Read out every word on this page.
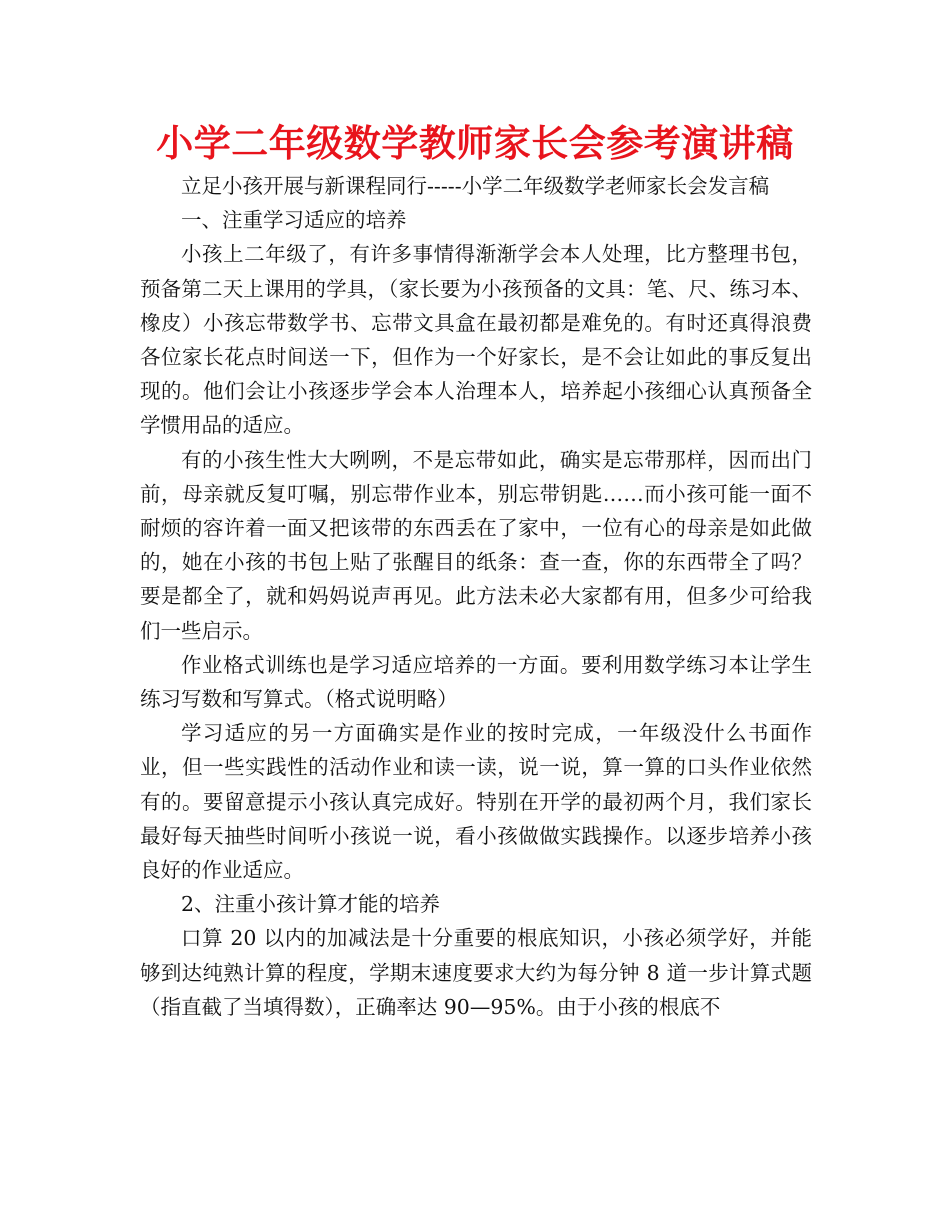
小学二年级数学教师家长会参考演讲稿

立足小孩开展与新课程同行-----小学二年级数学老师家长会发言稿

一、注重学习适应的培养

小孩上二年级了，有许多事情得渐渐学会本人处理，比方整理书包，预备第二天上课用的学具，（家长要为小孩预备的文具：笔、尺、练习本、橡皮）小孩忘带数学书、忘带文具盒在最初都是难免的。有时还真得浪费各位家长花点时间送一下，但作为一个好家长，是不会让如此的事反复出现的。他们会让小孩逐步学会本人治理本人，培养起小孩细心认真预备全学惯用品的适应。

有的小孩生性大大咧咧，不是忘带如此，确实是忘带那样，因而出门前，母亲就反复叮嘱，别忘带作业本，别忘带钥匙……而小孩可能一面不耐烦的容许着一面又把该带的东西丢在了家中，一位有心的母亲是如此做的，她在小孩的书包上贴了张醒目的纸条：查一查，你的东西带全了吗？要是都全了，就和妈妈说声再见。此方法未必大家都有用，但多少可给我们一些启示。

作业格式训练也是学习适应培养的一方面。要利用数学练习本让学生练习写数和写算式。（格式说明略）

学习适应的另一方面确实是作业的按时完成，一年级没什么书面作业，但一些实践性的活动作业和读一读，说一说，算一算的口头作业依然有的。要留意提示小孩认真完成好。特别在开学的最初两个月，我们家长最好每天抽些时间听小孩说一说，看小孩做做实践操作。以逐步培养小孩良好的作业适应。

2、注重小孩计算才能的培养

口算 20 以内的加减法是十分重要的根底知识，小孩必须学好，并能够到达纯熟计算的程度，学期末速度要求大约为每分钟 8 道一步计算式题（指直截了当填得数），正确率达 90—95%。由于小孩的根底不
